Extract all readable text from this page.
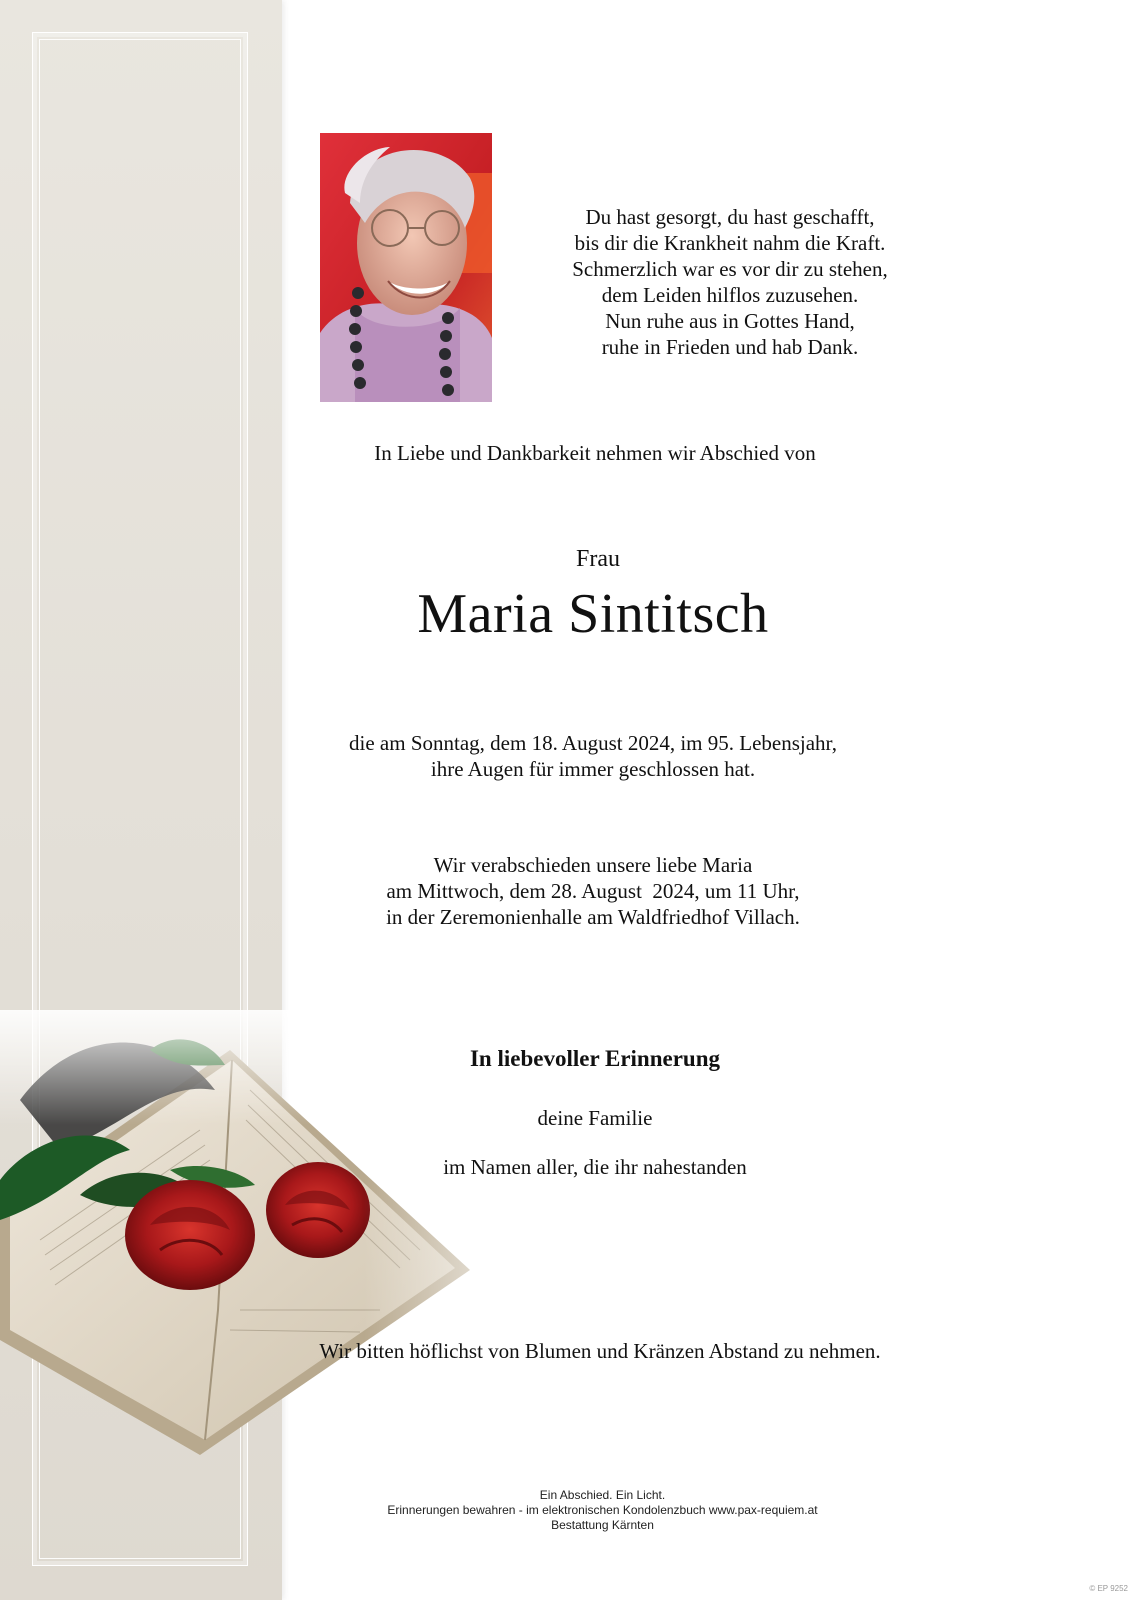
Du hast gesorgt, du hast geschafft,
bis dir die Krankheit nahm die Kraft.
Schmerzlich war es vor dir zu stehen,
dem Leiden hilflos zuzusehen.
Nun ruhe aus in Gottes Hand,
ruhe in Frieden und hab Dank.
In Liebe und Dankbarkeit nehmen wir Abschied von
Frau
Maria Sintitsch
die am Sonntag, dem 18. August 2024, im 95. Lebensjahr,
ihre Augen für immer geschlossen hat.
Wir verabschieden unsere liebe Maria
am Mittwoch, dem 28. August  2024, um 11 Uhr,
in der Zeremonienhalle am Waldfriedhof Villach.
In liebevoller Erinnerung
deine Familie
im Namen aller, die ihr nahestanden
Wir bitten höflichst von Blumen und Kränzen Abstand zu nehmen.
Ein Abschied. Ein Licht.
Erinnerungen bewahren - im elektronischen Kondolenzbuch www.pax-requiem.at
Bestattung Kärnten
© EP 9252
